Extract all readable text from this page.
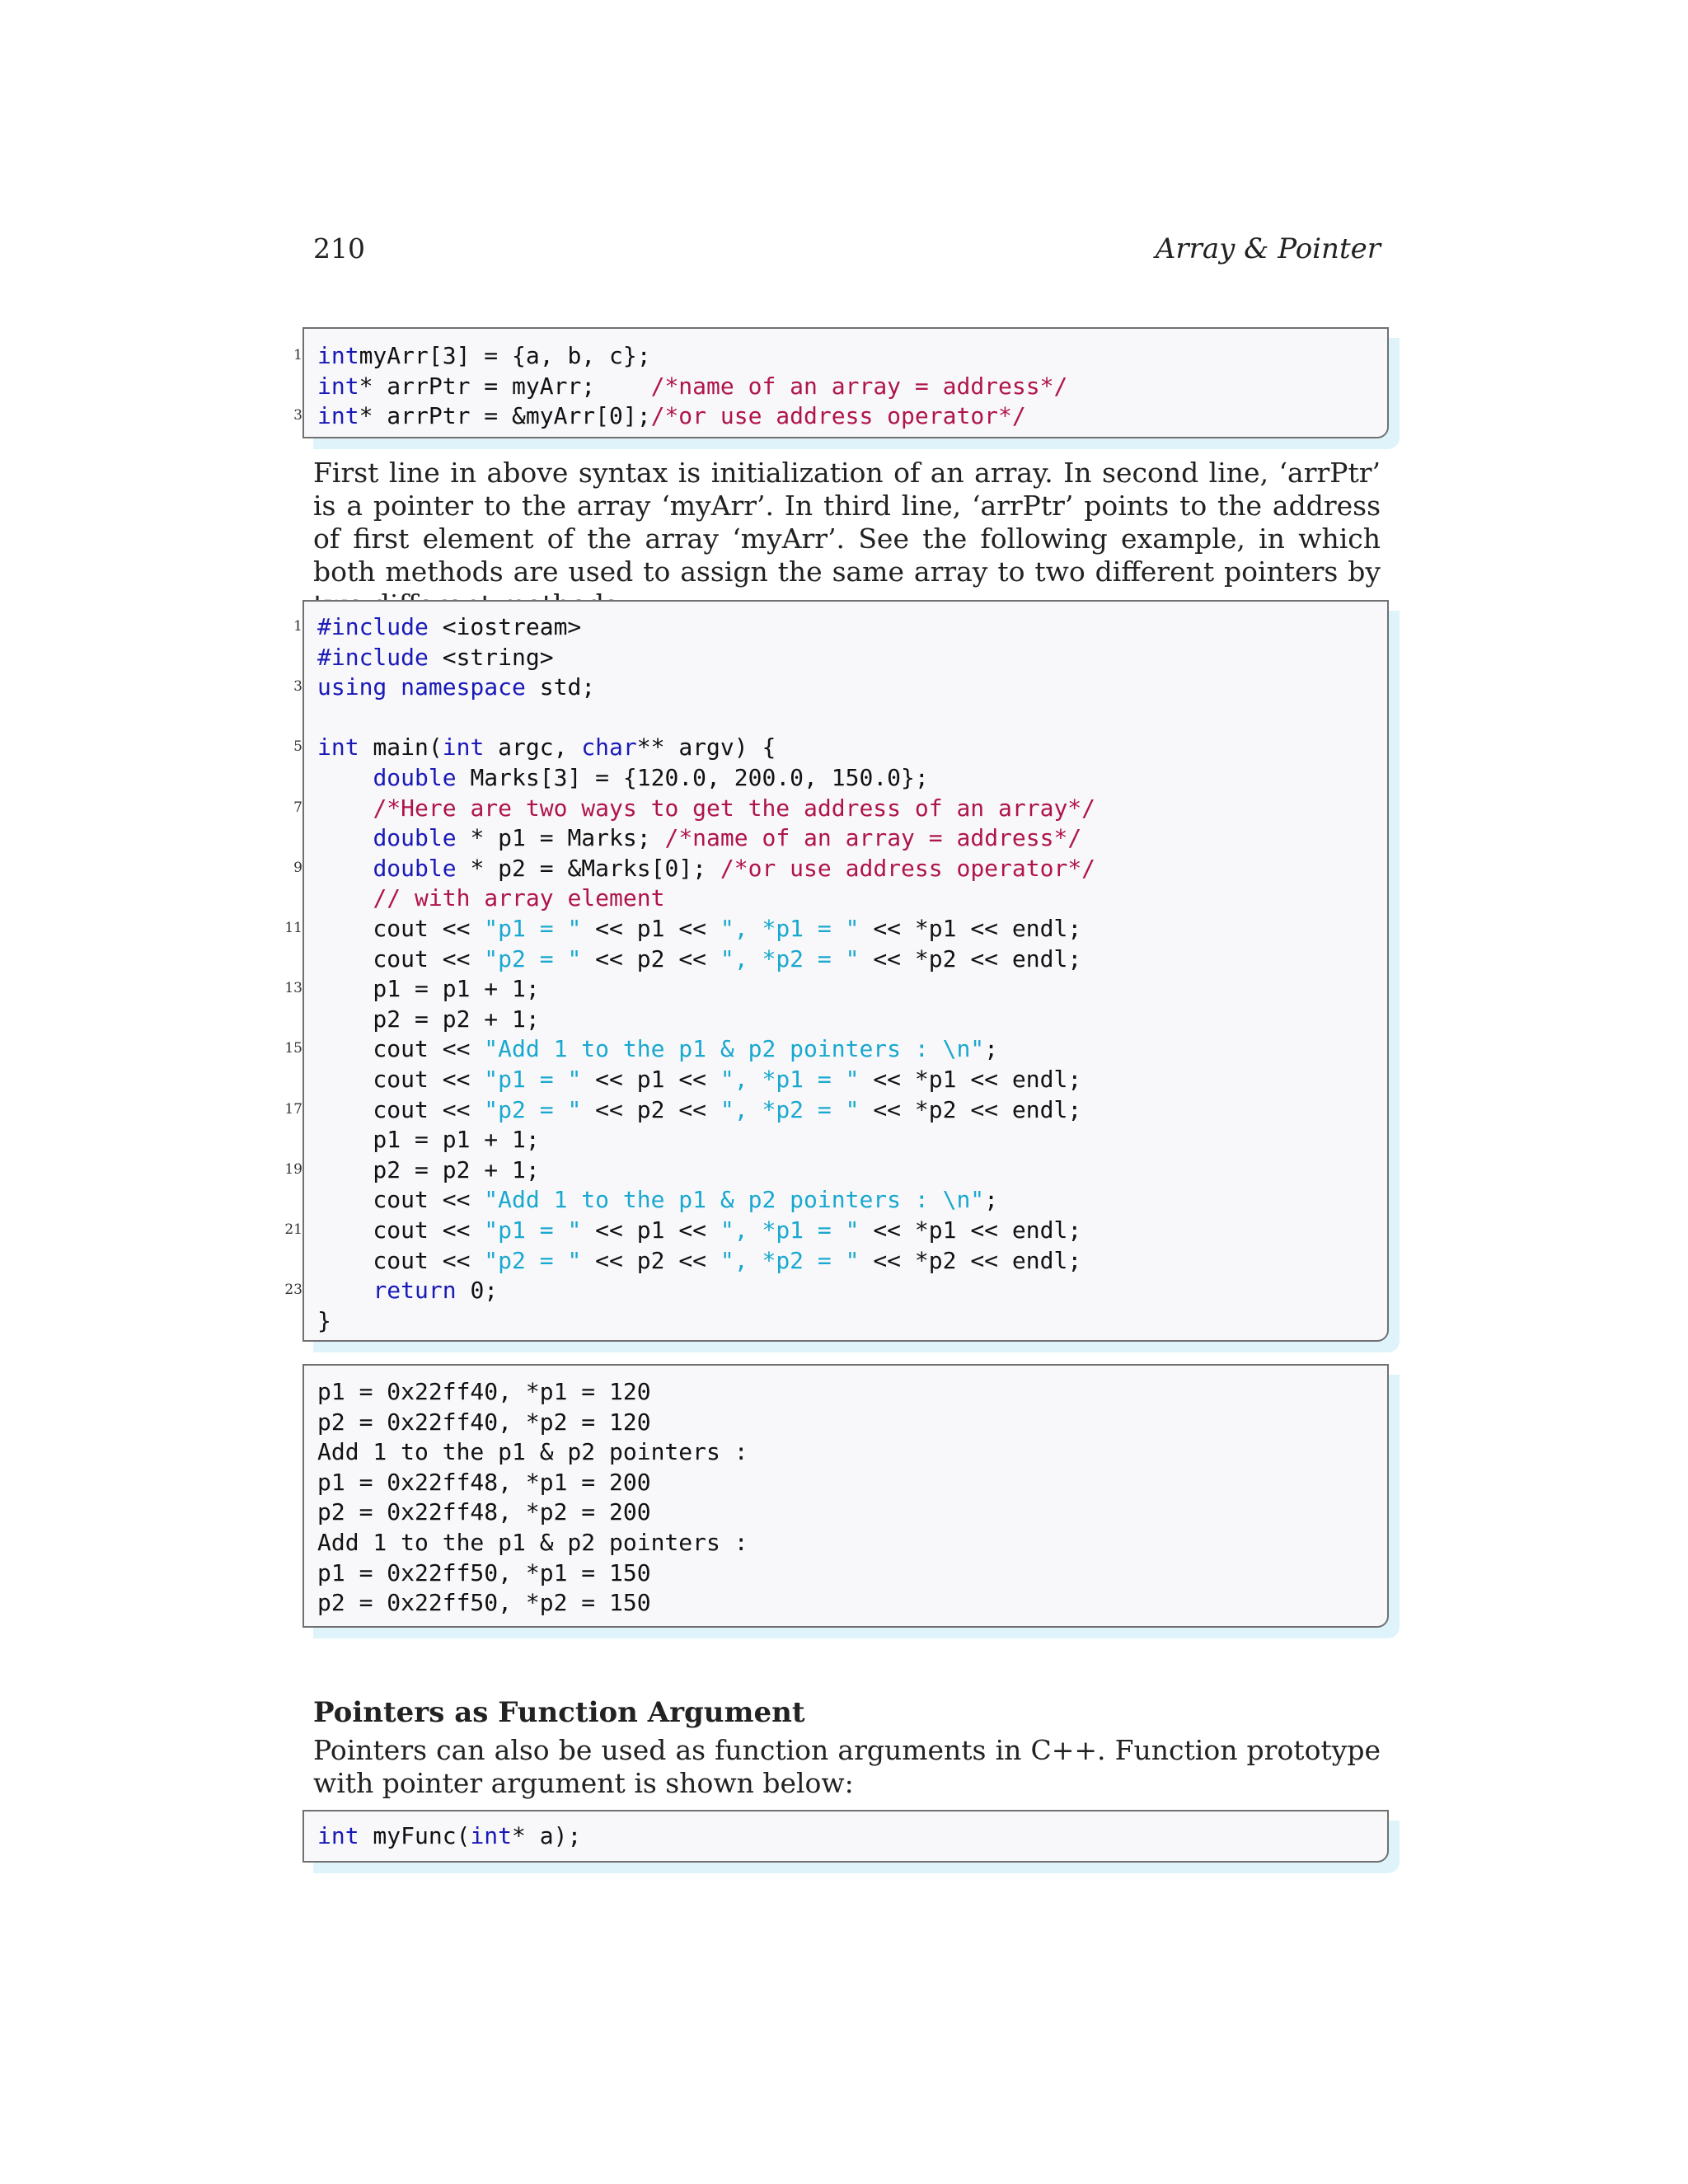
210	Array & Pointer
intmyArr[3] = {a, b, c};
1
int* arrPtr = myArr;    /*name of an array = address*/
int* arrPtr = &myArr[0];/*or use address operator*/
3

First line in above syntax is initialization of an array. In second line, ‘arrPtr’ is a pointer to the array ‘myArr’. In third line, ‘arrPtr’ points to the address of first element of the array ‘myArr’. See the following example, in which both methods are used to assign the same array to two different pointers by

#include <iostream>
1
#include <string>
using namespace std;
3
int main(int argc, char** argv) {
5
double Marks[3] = {120.0, 200.0, 150.0};
/*Here are two ways to get the address of an array*/
7
double * p1 = Marks; /*name of an array = address*/
double * p2 = &Marks[0]; /*or use address operator*/
9
// with array element
cout << "p1 = " << p1 << ", *p1 = " << *p1 << endl;
11
cout << "p2 = " << p2 << ", *p2 = " << *p2 << endl;
p1 = p1 + 1;
13
p2 = p2 + 1;
cout << "Add 1 to the p1 & p2 pointers : \n";
15
cout << "p1 = " << p1 << ", *p1 = " << *p1 << endl;
cout << "p2 = " << p2 << ", *p2 = " << *p2 << endl;
17
p1 = p1 + 1;
p2 = p2 + 1;
19
cout << "Add 1 to the p1 & p2 pointers : \n";
cout << "p1 = " << p1 << ", *p1 = " << *p1 << endl;
21
cout << "p2 = " << p2 << ", *p2 = " << *p2 << endl;
return 0;
23
}
p1 = 0x22ff40, *p1 = 120
p2 = 0x22ff40, *p2 = 120
Add 1 to the p1 & p2 pointers :
p1 = 0x22ff48, *p1 = 200
p2 = 0x22ff48, *p2 = 200
Add 1 to the p1 & p2 pointers :
p1 = 0x22ff50, *p1 = 150
p2 = 0x22ff50, *p2 = 150
Pointers as Function Argument

Pointers can also be used as function arguments in C++. Function prototype with pointer argument is shown below:

int myFunc(int* a);
